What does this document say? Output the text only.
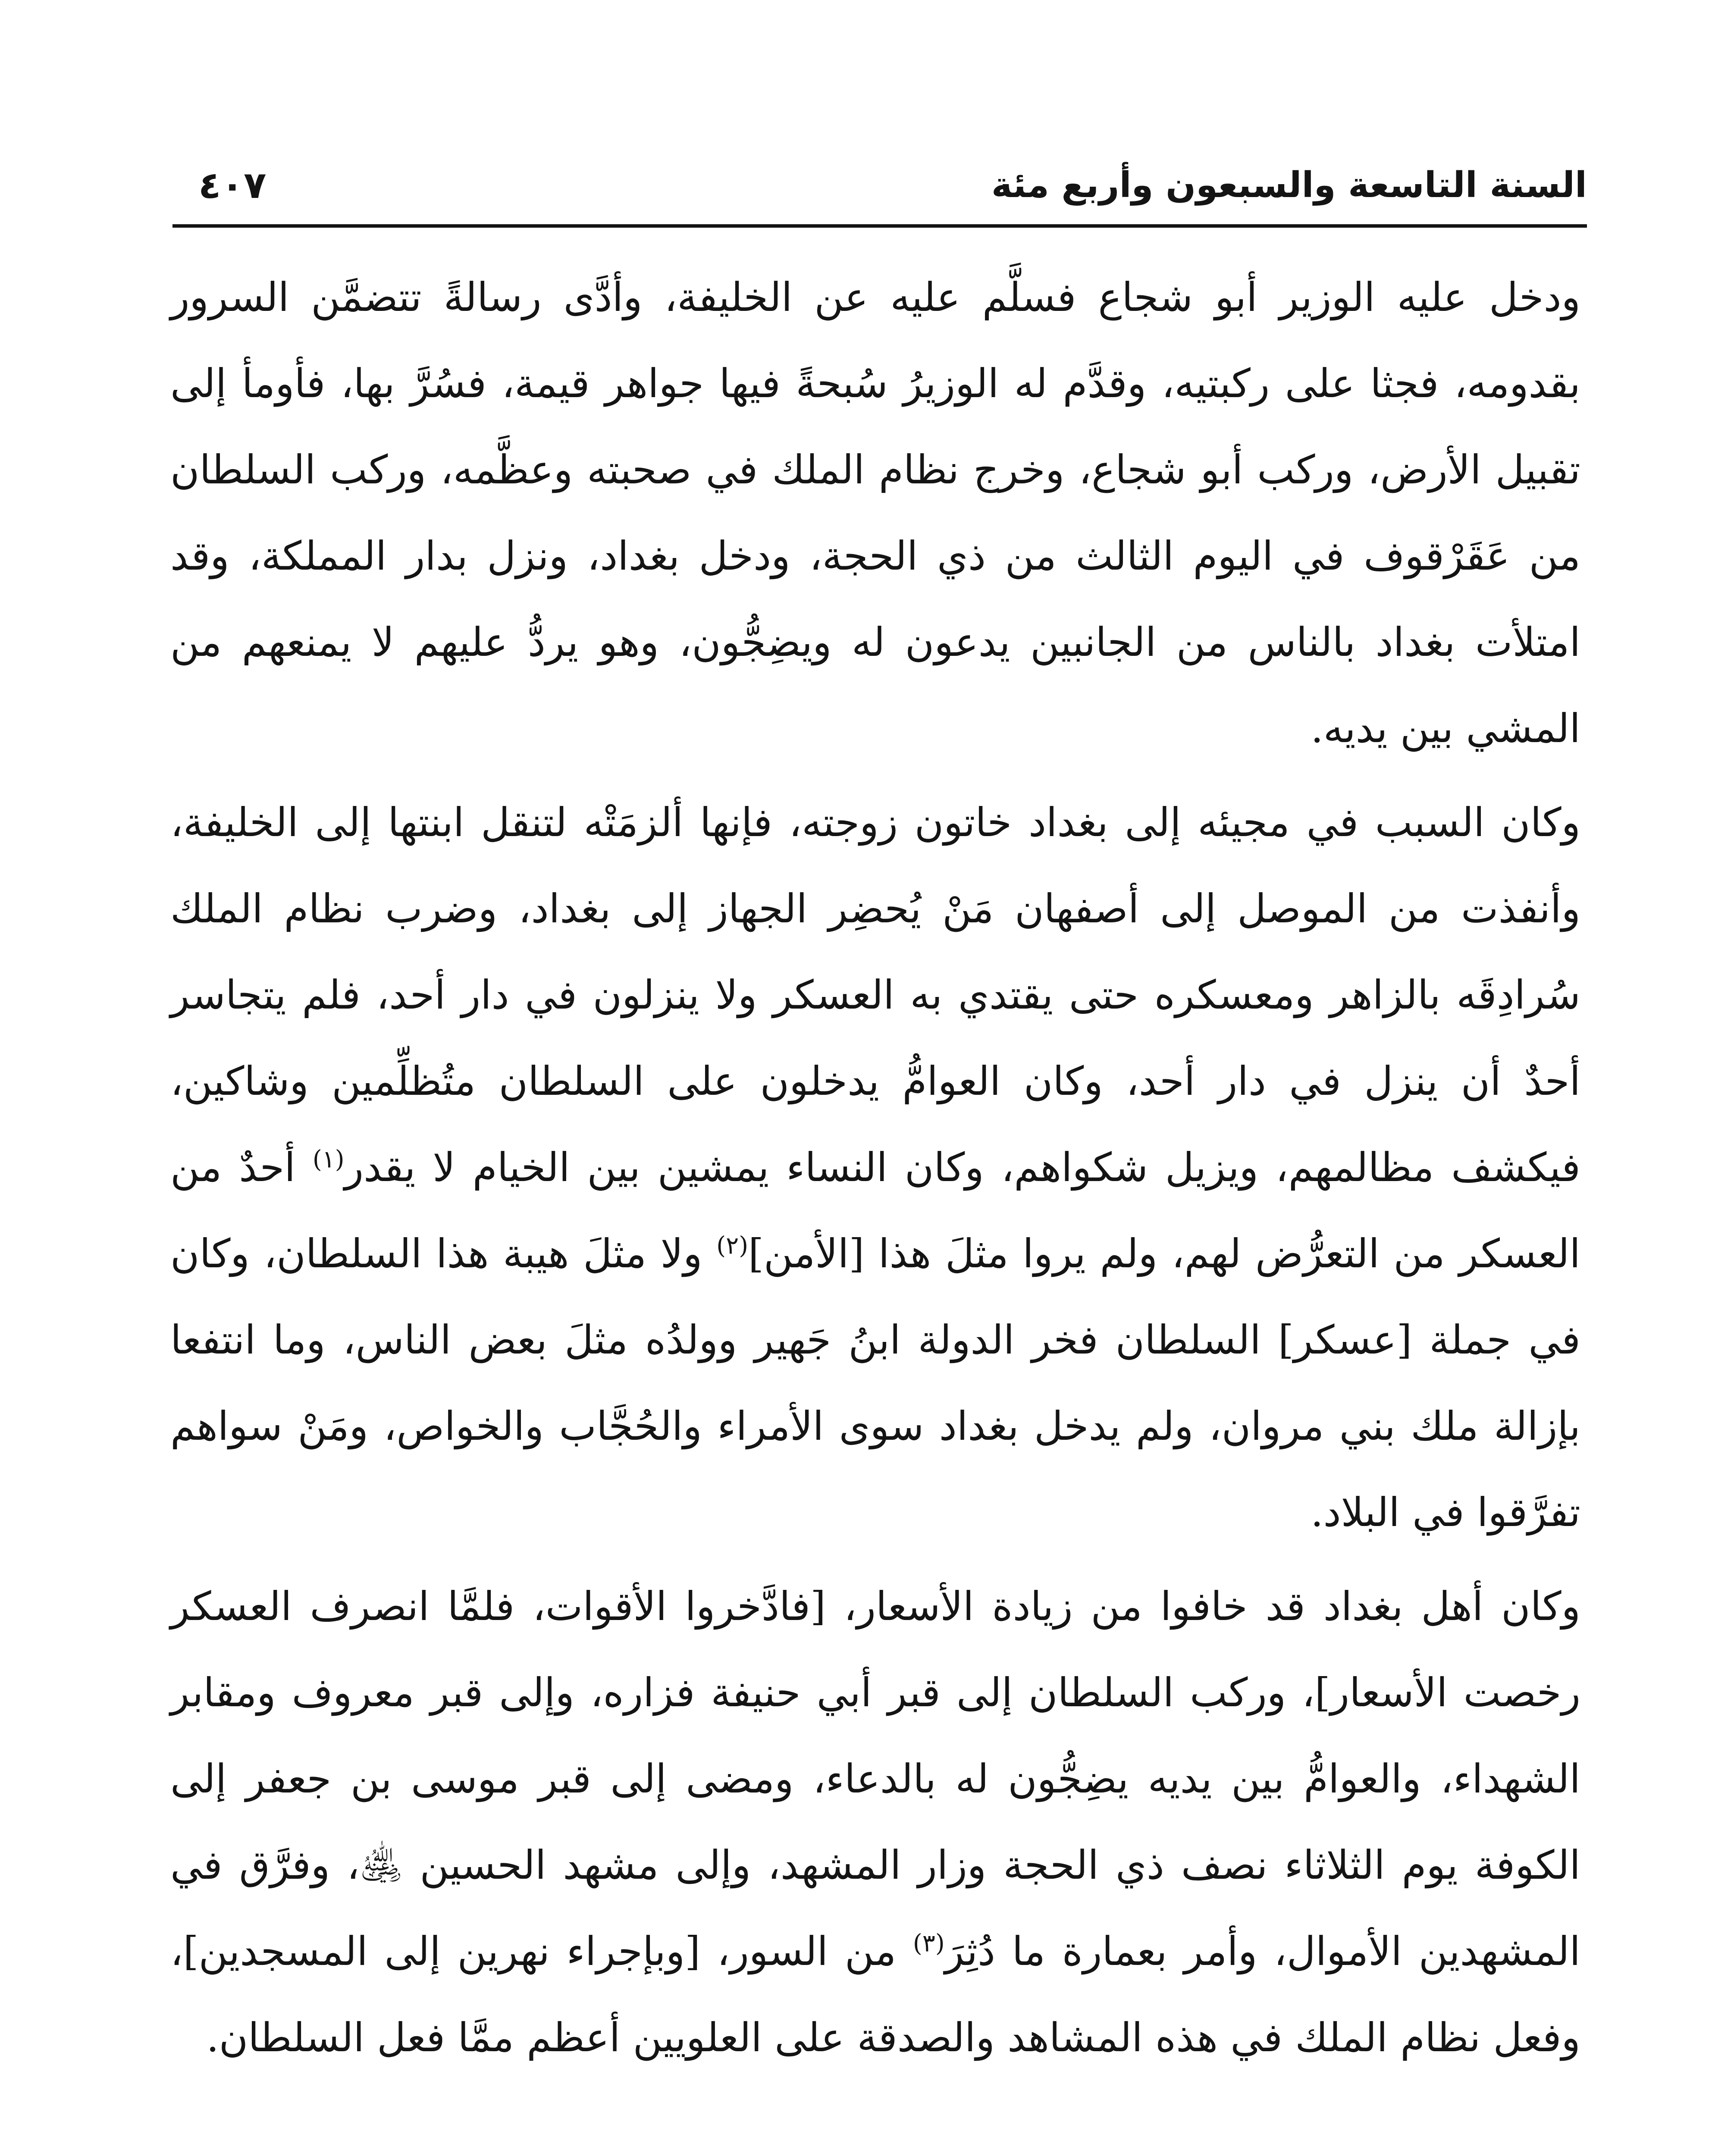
السنة التاسعة والسبعون وأربع مئة
٤٠٧

ودخل عليه الوزير أبو شجاع فسلَّم عليه عن الخليفة، وأدَّى رسالةً تتضمَّن السرور بقدومه، فجثا على ركبتيه، وقدَّم له الوزيرُ سُبحةً فيها جواهر قيمة، فسُرَّ بها، فأومأ إلى تقبيل الأرض، وركب أبو شجاع، وخرج نظام الملك في صحبته وعظَّمه، وركب السلطان من عَقَرْقوف في اليوم الثالث من ذي الحجة، ودخل بغداد، ونزل بدار المملكة، وقد امتلأت بغداد بالناس من الجانبين يدعون له ويضِجُّون، وهو يردُّ عليهم لا يمنعهم من المشي بين يديه.

وكان السبب في مجيئه إلى بغداد خاتون زوجته، فإنها ألزمَتْه لتنقل ابنتها إلى الخليفة، وأنفذت من الموصل إلى أصفهان مَنْ يُحضِر الجهاز إلى بغداد، وضرب نظام الملك سُرادِقَه بالزاهر ومعسكره حتى يقتدي به العسكر ولا ينزلون في دار أحد، فلم يتجاسر أحدٌ أن ينزل في دار أحد، وكان العوامُّ يدخلون على السلطان متُظلِّمين وشاكين، فيكشف مظالمهم، ويزيل شكواهم، وكان النساء يمشين بين الخيام لا يقدر$^{(١)}$ أحدٌ من العسكر من التعرُّض لهم، ولم يروا مثلَ هذا [الأمن]$^{(٢)}$ ولا مثلَ هيبة هذا السلطان، وكان في جملة [عسكر] السلطان فخر الدولة ابنُ جَهير وولدُه مثلَ بعض الناس، وما انتفعا بإزالة ملك بني مروان، ولم يدخل بغداد سوى الأمراء والحُجَّاب والخواص، ومَنْ سواهم تفرَّقوا في البلاد.

وكان أهل بغداد قد خافوا من زيادة الأسعار، [فادَّخروا الأقوات، فلمَّا انصرف العسكر رخصت الأسعار]، وركب السلطان إلى قبر أبي حنيفة فزاره، وإلى قبر معروف ومقابر الشهداء، والعوامُّ بين يديه يضِجُّون له بالدعاء، ومضى إلى قبر موسى بن جعفر إلى الكوفة يوم الثلاثاء نصف ذي الحجة وزار المشهد، وإلى مشهد الحسين ﵁، وفرَّق في المشهدين الأموال، وأمر بعمارة ما دُثِرَ$^{(٣)}$ من السور، [وبإجراء نهرين إلى المسجدين]، وفعل نظام الملك في هذه المشاهد والصدقة على العلويين أعظم ممَّا فعل السلطان.
